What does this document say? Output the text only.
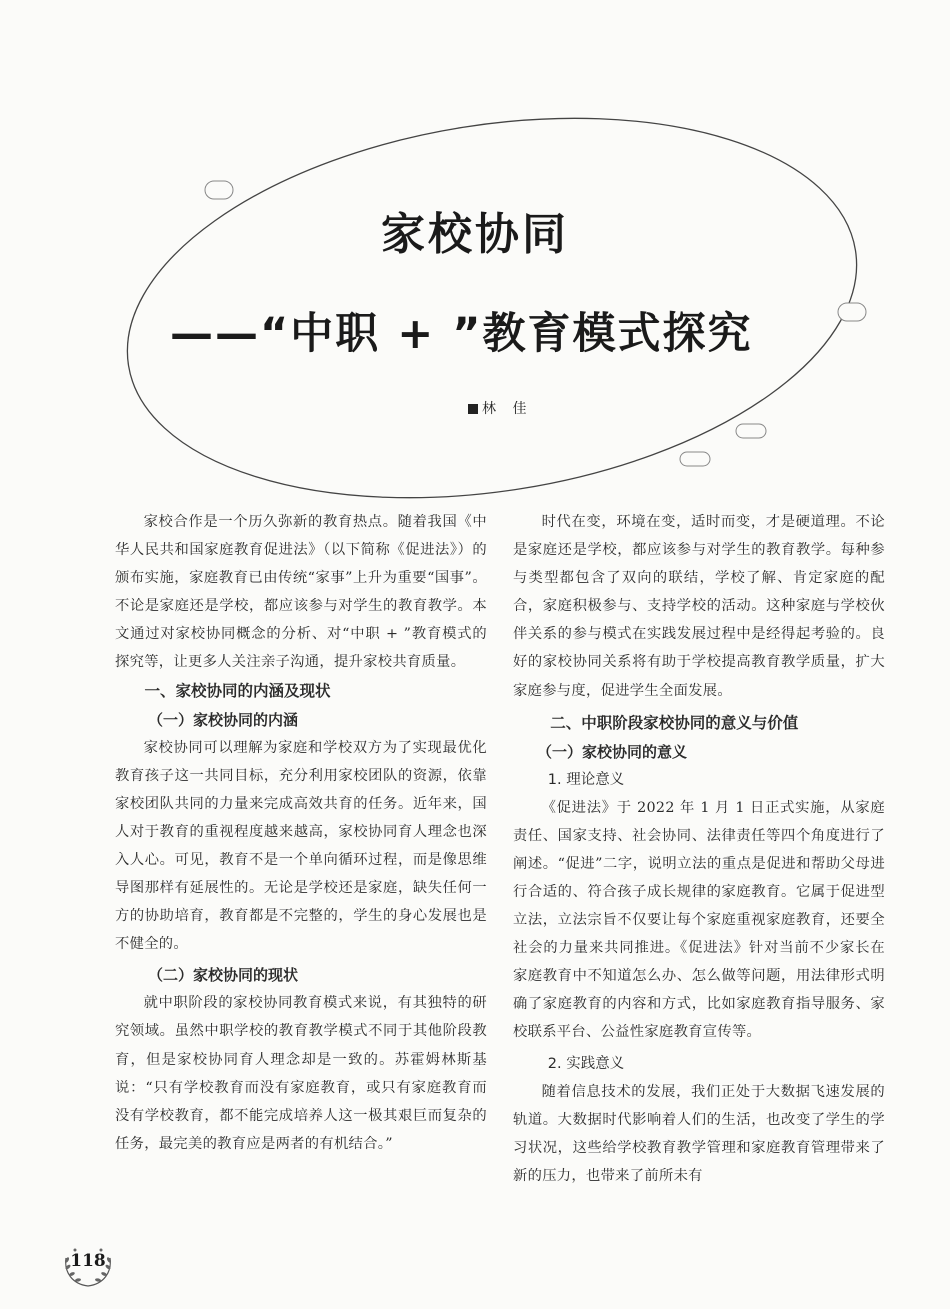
家校协同
——“中职 + ”教育模式探究
林 佳

家校合作是一个历久弥新的教育热点。随着我国《中华人民共和国家庭教育促进法》（以下简称《促进法》）的颁布实施，家庭教育已由传统“家事”上升为重要“国事”。不论是家庭还是学校，都应该参与对学生的教育教学。本文通过对家校协同概念的分析、对“中职 + ”教育模式的探究等，让更多人关注亲子沟通，提升家校共育质量。

一、家校协同的内涵及现状
（一）家校协同的内涵

家校协同可以理解为家庭和学校双方为了实现最优化教育孩子这一共同目标，充分利用家校团队的资源，依靠家校团队共同的力量来完成高效共育的任务。近年来，国人对于教育的重视程度越来越高，家校协同育人理念也深入人心。可见，教育不是一个单向循环过程，而是像思维导图那样有延展性的。无论是学校还是家庭，缺失任何一方的协助培育，教育都是不完整的，学生的身心发展也是不健全的。

（二）家校协同的现状

就中职阶段的家校协同教育模式来说，有其独特的研究领域。虽然中职学校的教育教学模式不同于其他阶段教育，但是家校协同育人理念却是一致的。苏霍姆林斯基说：“只有学校教育而没有家庭教育，或只有家庭教育而没有学校教育，都不能完成培养人这一极其艰巨而复杂的任务，最完美的教育应是两者的有机结合。”

时代在变，环境在变，适时而变，才是硬道理。不论是家庭还是学校，都应该参与对学生的教育教学。每种参与类型都包含了双向的联结，学校了解、肯定家庭的配合，家庭积极参与、支持学校的活动。这种家庭与学校伙伴关系的参与模式在实践发展过程中是经得起考验的。良好的家校协同关系将有助于学校提高教育教学质量，扩大家庭参与度，促进学生全面发展。

二、中职阶段家校协同的意义与价值
（一）家校协同的意义
1. 理论意义

《促进法》于 2022 年 1 月 1 日正式实施，从家庭责任、国家支持、社会协同、法律责任等四个角度进行了阐述。“促进”二字，说明立法的重点是促进和帮助父母进行合适的、符合孩子成长规律的家庭教育。它属于促进型立法，立法宗旨不仅要让每个家庭重视家庭教育，还要全社会的力量来共同推进。《促进法》针对当前不少家长在家庭教育中不知道怎么办、怎么做等问题，用法律形式明确了家庭教育的内容和方式，比如家庭教育指导服务、家校联系平台、公益性家庭教育宣传等。

2. 实践意义

随着信息技术的发展，我们正处于大数据飞速发展的轨道。大数据时代影响着人们的生活，也改变了学生的学习状况，这些给学校教育教学管理和家庭教育管理带来了新的压力，也带来了前所未有

118
